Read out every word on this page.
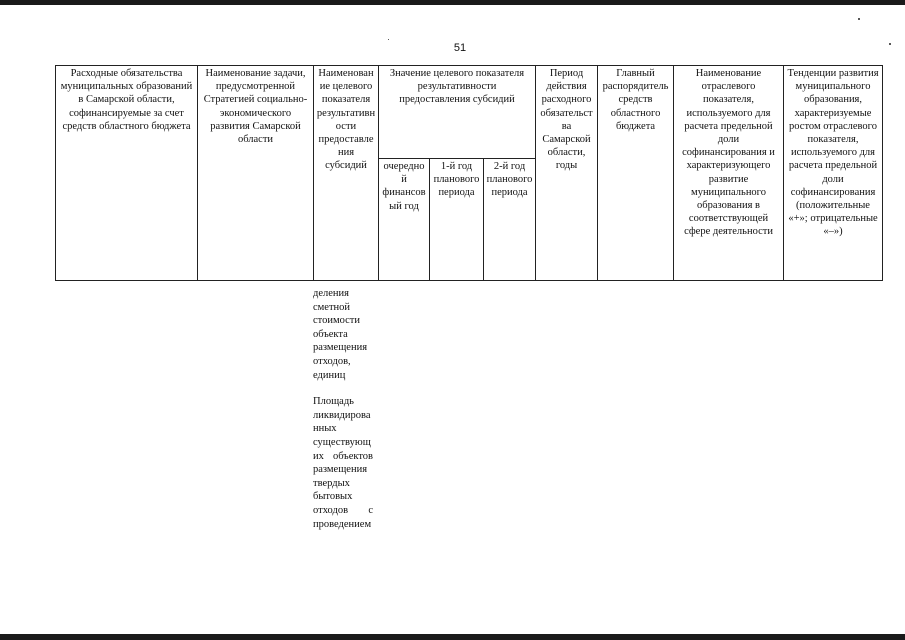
51
Расходные обязательства муниципальных образований в Самарской области, софинансируемые за счет средств областного бюджета	Наименование задачи, предусмотренной Стратегией социально-экономического развития Самарской области	Наименование целевого показателя результативности предоставления субсидий	Значение целевого показателя результативности предоставления субсидий			Период действия расходного обязательства Самарской области, годы	Главный распорядитель средств областного бюджета	Наименование отраслевого показателя, используемого для расчета предельной доли софинансирования и характеризующего развитие муниципального образования в соответствующей сфере деятельности	Тенденции развития муниципального образования, характеризуемые ростом отраслевого показателя, используемого для расчета предельной доли софинансирования (положительные «+»; отрицательные «–»)
			очередной финансовый год	1-й год планового периода	2-й год планового периода				
деления сметной стоимости объекта размещения отходов, единиц
Площадь ликвидированных существующих объектов размещения твердых бытовых отходов с проведением
